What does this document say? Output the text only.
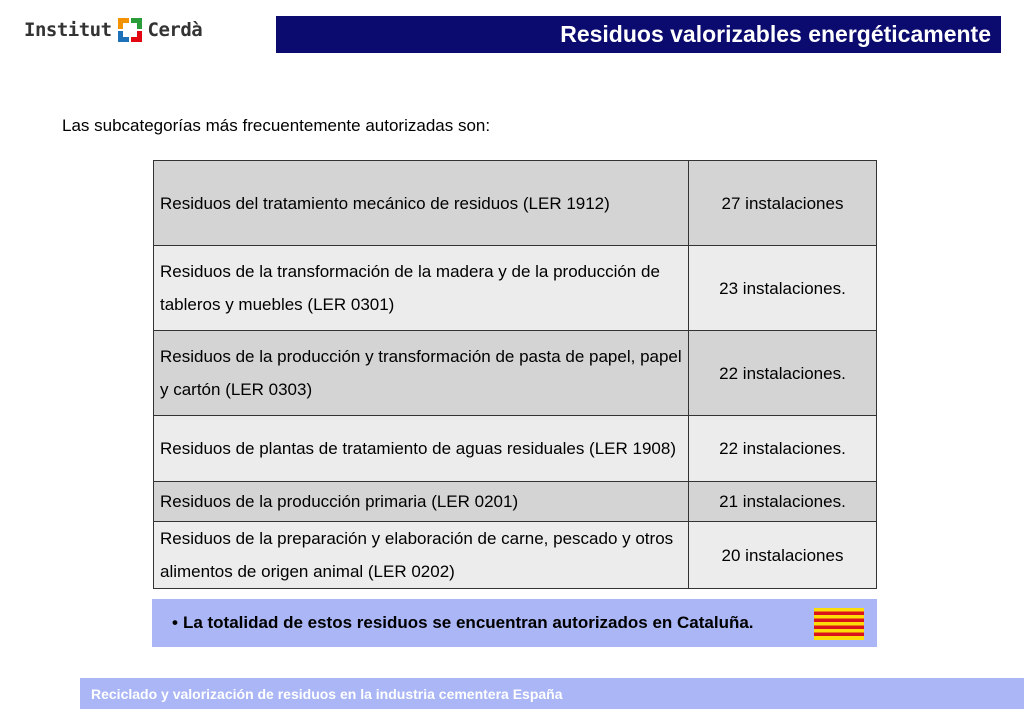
Institut Cerdà	Residuos valorizables energéticamente
Las subcategorías más frecuentemente autorizadas son:
Residuos del tratamiento mecánico de residuos (LER 1912)	27 instalaciones
Residuos de la transformación de la madera y de la producción de tableros y muebles (LER 0301)	23 instalaciones.
Residuos de la producción y transformación de pasta de papel, papel y cartón (LER 0303)	22 instalaciones.
Residuos de plantas de tratamiento de aguas residuales (LER 1908)	22 instalaciones.
Residuos de la producción primaria (LER 0201)	21 instalaciones.
Residuos de la preparación y elaboración de carne, pescado y otros alimentos de origen animal (LER 0202)	20 instalaciones
• La totalidad de estos residuos se encuentran autorizados en Cataluña.
Reciclado y valorización de residuos en la industria cementera España
